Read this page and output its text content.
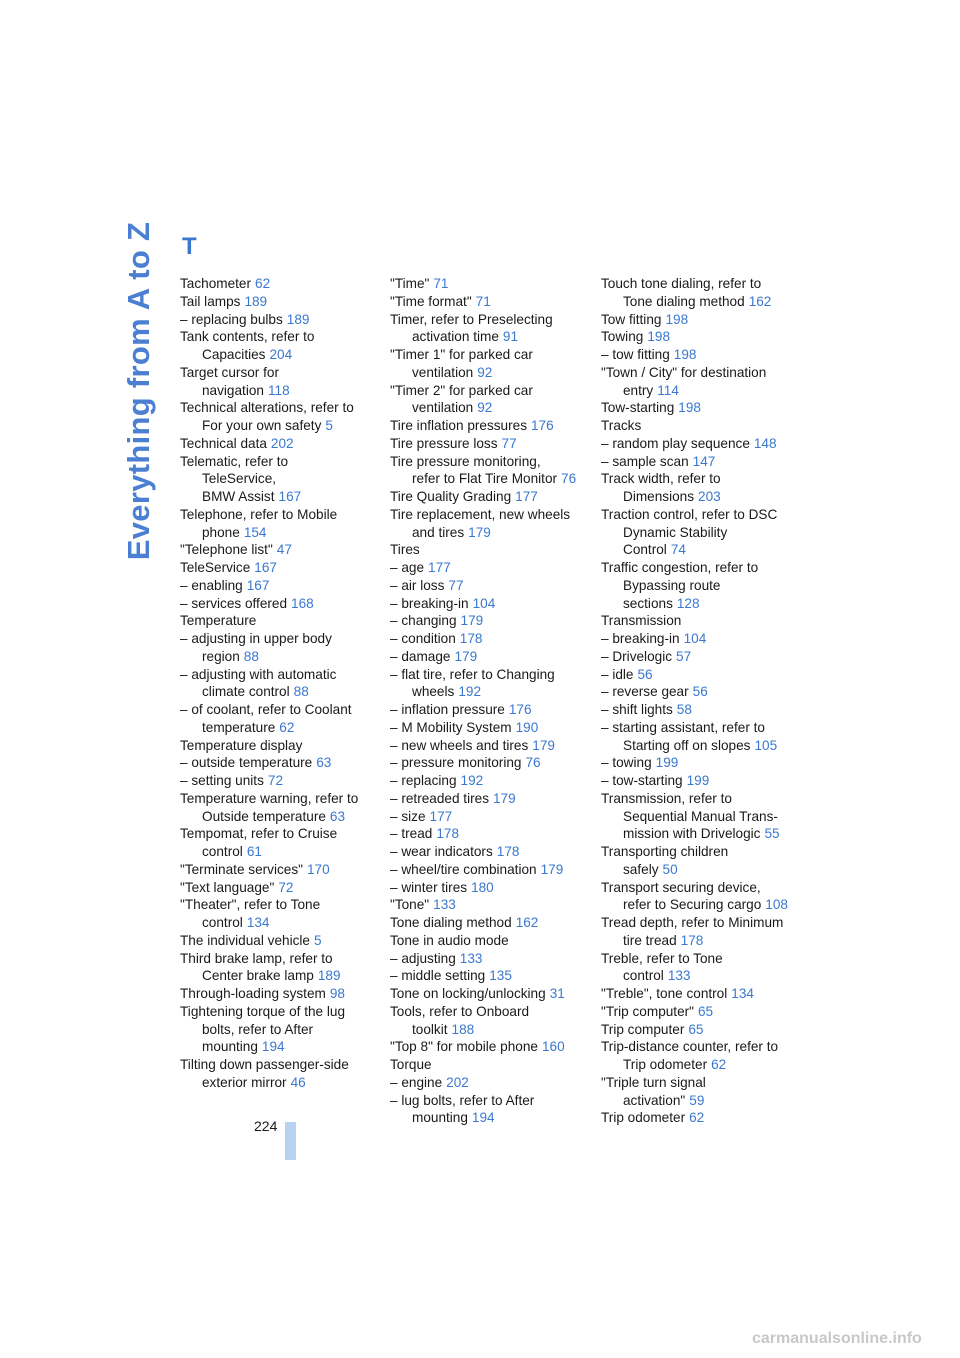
Everything from A to Z T
Tachometer 62
Tail lamps 189
– replacing bulbs 189
Tank contents, refer to
Capacities 204
Target cursor for
navigation 118
Technical alterations, refer to
For your own safety 5
Technical data 202
Telematic, refer to
TeleService,
BMW Assist 167
Telephone, refer to Mobile
phone 154
"Telephone list" 47
TeleService 167
– enabling 167
– services offered 168
Temperature
– adjusting in upper body
region 88
– adjusting with automatic
climate control 88
– of coolant, refer to Coolant
temperature 62
Temperature display
– outside temperature 63
– setting units 72
Temperature warning, refer to
Outside temperature 63
Tempomat, refer to Cruise
control 61
"Terminate services" 170
"Text language" 72
"Theater", refer to Tone
control 134
The individual vehicle 5
Third brake lamp, refer to
Center brake lamp 189
Through-loading system 98
Tightening torque of the lug
bolts, refer to After
mounting 194
Tilting down passenger-side
exterior mirror 46
"Time" 71
"Time format" 71
Timer, refer to Preselecting
activation time 91
"Timer 1" for parked car
ventilation 92
"Timer 2" for parked car
ventilation 92
Tire inflation pressures 176
Tire pressure loss 77
Tire pressure monitoring,
refer to Flat Tire Monitor 76
Tire Quality Grading 177
Tire replacement, new wheels
and tires 179
Tires
– age 177
– air loss 77
– breaking-in 104
– changing 179
– condition 178
– damage 179
– flat tire, refer to Changing
wheels 192
– inflation pressure 176
– M Mobility System 190
– new wheels and tires 179
– pressure monitoring 76
– replacing 192
– retreaded tires 179
– size 177
– tread 178
– wear indicators 178
– wheel/tire combination 179
– winter tires 180
"Tone" 133
Tone dialing method 162
Tone in audio mode
– adjusting 133
– middle setting 135
Tone on locking/unlocking 31
Tools, refer to Onboard
toolkit 188
"Top 8" for mobile phone 160
Torque
– engine 202
– lug bolts, refer to After
mounting 194
Touch tone dialing, refer to
Tone dialing method 162
Tow fitting 198
Towing 198
– tow fitting 198
"Town / City" for destination
entry 114
Tow-starting 198
Tracks
– random play sequence 148
– sample scan 147
Track width, refer to
Dimensions 203
Traction control, refer to DSC
Dynamic Stability
Control 74
Traffic congestion, refer to
Bypassing route
sections 128
Transmission
– breaking-in 104
– Drivelogic 57
– idle 56
– reverse gear 56
– shift lights 58
– starting assistant, refer to
Starting off on slopes 105
– towing 199
– tow-starting 199
Transmission, refer to
Sequential Manual Trans-
mission with Drivelogic 55
Transporting children
safely 50
Transport securing device,
refer to Securing cargo 108
Tread depth, refer to Minimum
tire tread 178
Treble, refer to Tone
control 133
"Treble", tone control 134
"Trip computer" 65
Trip computer 65
Trip-distance counter, refer to
Trip odometer 62
"Triple turn signal
activation" 59
Trip odometer 62
224
carmanualsonline.info
